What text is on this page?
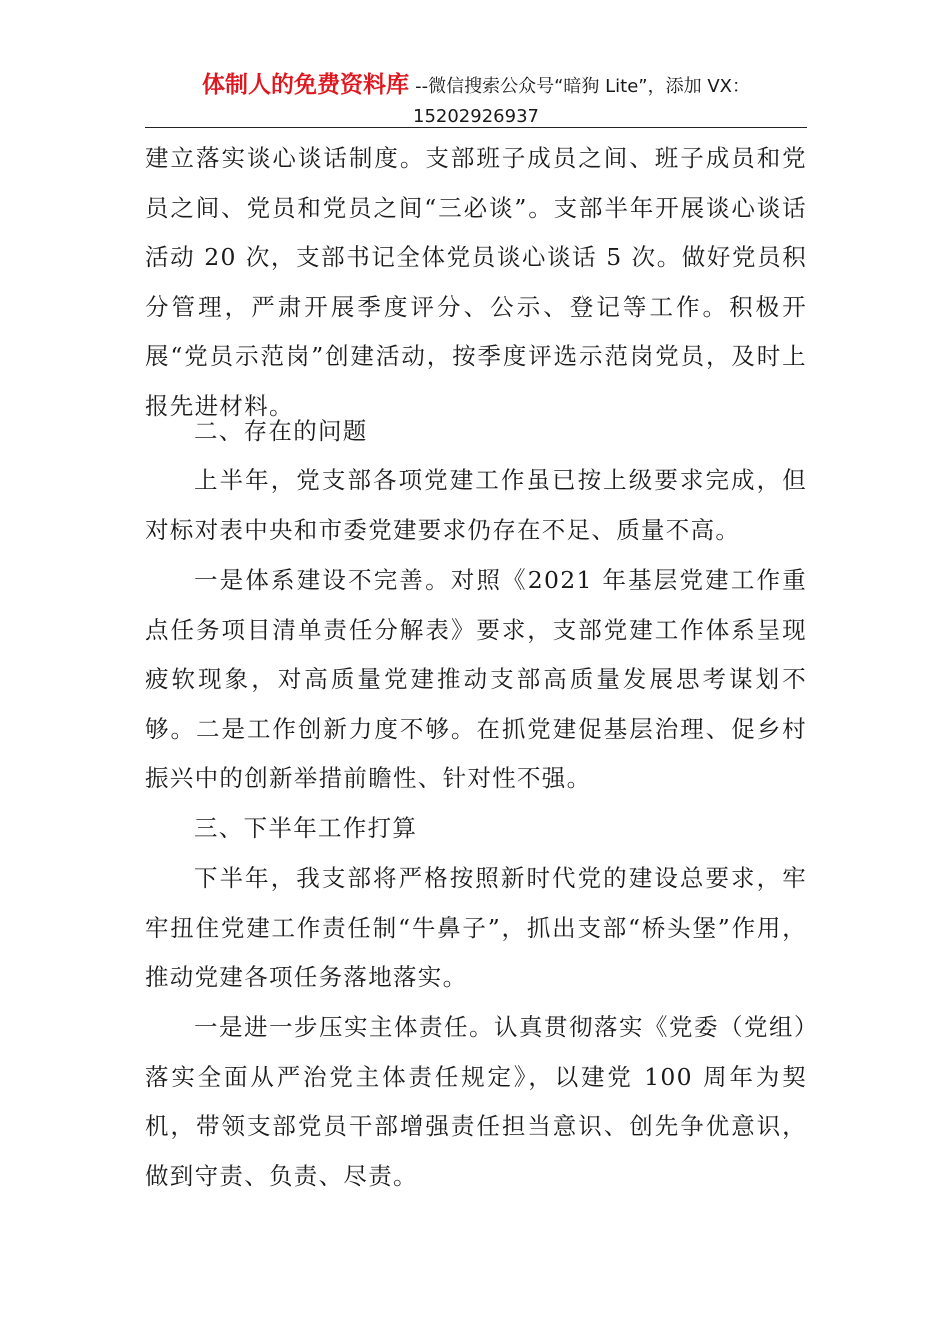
体制人的免费资料库 --微信搜索公众号“暗狗 Lite”，添加 VX：
15202926937

建立落实谈心谈话制度。支部班子成员之间、班子成员和党员之间、党员和党员之间“三必谈”。支部半年开展谈心谈话活动 20 次，支部书记全体党员谈心谈话 5 次。做好党员积分管理，严肃开展季度评分、公示、登记等工作。积极开展“党员示范岗”创建活动，按季度评选示范岗党员，及时上报先进材料。

二、存在的问题

上半年，党支部各项党建工作虽已按上级要求完成，但对标对表中央和市委党建要求仍存在不足、质量不高。

一是体系建设不完善。对照《2021 年基层党建工作重点任务项目清单责任分解表》要求，支部党建工作体系呈现疲软现象，对高质量党建推动支部高质量发展思考谋划不够。二是工作创新力度不够。在抓党建促基层治理、促乡村振兴中的创新举措前瞻性、针对性不强。

三、下半年工作打算

下半年，我支部将严格按照新时代党的建设总要求，牢牢扭住党建工作责任制“牛鼻子”，抓出支部“桥头堡”作用，推动党建各项任务落地落实。

一是进一步压实主体责任。认真贯彻落实《党委（党组）落实全面从严治党主体责任规定》，以建党 100 周年为契机，带领支部党员干部增强责任担当意识、创先争优意识，做到守责、负责、尽责。
